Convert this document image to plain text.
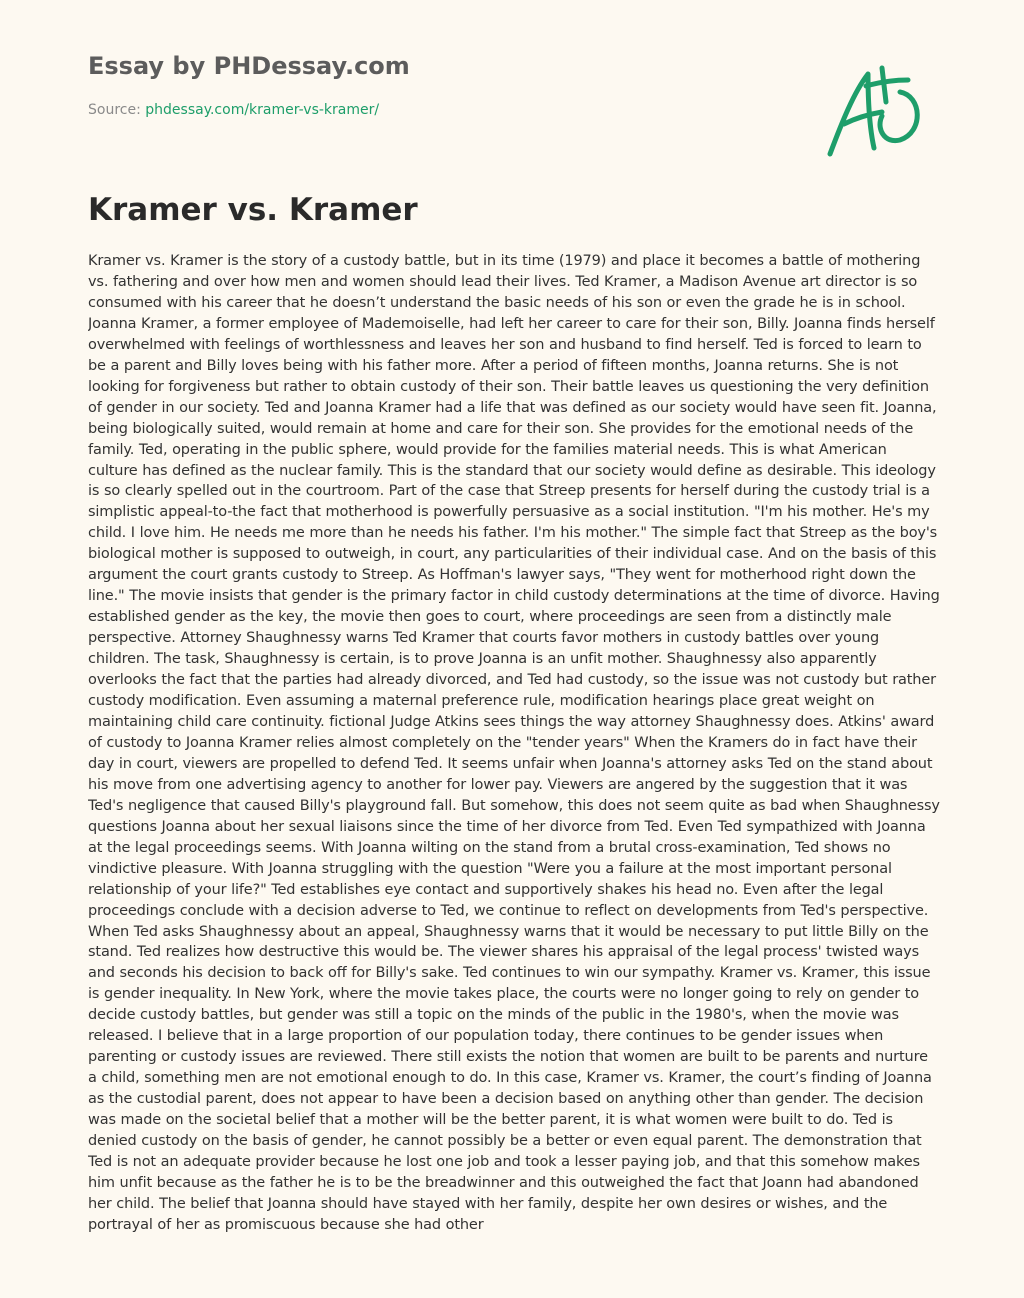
Essay by PHDessay.com
Source: phdessay.com/kramer-vs-kramer/
Kramer vs. Kramer

Kramer vs. Kramer is the story of a custody battle, but in its time (1979) and place it becomes a battle of mothering vs. fathering and over how men and women should lead their lives. Ted Kramer, a Madison Avenue art director is so consumed with his career that he doesn’t understand the basic needs of his son or even the grade he is in school. Joanna Kramer, a former employee of Mademoiselle, had left her career to care for their son, Billy. Joanna finds herself overwhelmed with feelings of worthlessness and leaves her son and husband to find herself. Ted is forced to learn to be a parent and Billy loves being with his father more. After a period of fifteen months, Joanna returns. She is not looking for forgiveness but rather to obtain custody of their son. Their battle leaves us questioning the very definition of gender in our society. Ted and Joanna Kramer had a life that was defined as our society would have seen fit. Joanna, being biologically suited, would remain at home and care for their son. She provides for the emotional needs of the family. Ted, operating in the public sphere, would provide for the families material needs. This is what American culture has defined as the nuclear family. This is the standard that our society would define as desirable. This ideology is so clearly spelled out in the courtroom. Part of the case that Streep presents for herself during the custody trial is a simplistic appeal-to-the fact that motherhood is powerfully persuasive as a social institution. "I'm his mother. He's my child. I love him. He needs me more than he needs his father. I'm his mother." The simple fact that Streep as the boy's biological mother is supposed to outweigh, in court, any particularities of their individual case. And on the basis of this argument the court grants custody to Streep. As Hoffman's lawyer says, "They went for motherhood right down the line." The movie insists that gender is the primary factor in child custody determinations at the time of divorce. Having established gender as the key, the movie then goes to court, where proceedings are seen from a distinctly male perspective. Attorney Shaughnessy warns Ted Kramer that courts favor mothers in custody battles over young children. The task, Shaughnessy is certain, is to prove Joanna is an unfit mother. Shaughnessy also apparently overlooks the fact that the parties had already divorced, and Ted had custody, so the issue was not custody but rather custody modification. Even assuming a maternal preference rule, modification hearings place great weight on maintaining child care continuity. fictional Judge Atkins sees things the way attorney Shaughnessy does. Atkins' award of custody to Joanna Kramer relies almost completely on the "tender years" When the Kramers do in fact have their day in court, viewers are propelled to defend Ted. It seems unfair when Joanna's attorney asks Ted on the stand about his move from one advertising agency to another for lower pay. Viewers are angered by the suggestion that it was Ted's negligence that caused Billy's playground fall. But somehow, this does not seem quite as bad when Shaughnessy questions Joanna about her sexual liaisons since the time of her divorce from Ted. Even Ted sympathized with Joanna at the legal proceedings seems. With Joanna wilting on the stand from a brutal cross-examination, Ted shows no vindictive pleasure. With Joanna struggling with the question "Were you a failure at the most important personal relationship of your life?" Ted establishes eye contact and supportively shakes his head no. Even after the legal proceedings conclude with a decision adverse to Ted, we continue to reflect on developments from Ted's perspective. When Ted asks Shaughnessy about an appeal, Shaughnessy warns that it would be necessary to put little Billy on the stand. Ted realizes how destructive this would be. The viewer shares his appraisal of the legal process' twisted ways and seconds his decision to back off for Billy's sake. Ted continues to win our sympathy. Kramer vs. Kramer, this issue is gender inequality. In New York, where the movie takes place, the courts were no longer going to rely on gender to decide custody battles, but gender was still a topic on the minds of the public in the 1980's, when the movie was released. I believe that in a large proportion of our population today, there continues to be gender issues when parenting or custody issues are reviewed. There still exists the notion that women are built to be parents and nurture a child, something men are not emotional enough to do. In this case, Kramer vs. Kramer, the court’s finding of Joanna as the custodial parent, does not appear to have been a decision based on anything other than gender. The decision was made on the societal belief that a mother will be the better parent, it is what women were built to do. Ted is denied custody on the basis of gender, he cannot possibly be a better or even equal parent. The demonstration that Ted is not an adequate provider because he lost one job and took a lesser paying job, and that this somehow makes him unfit because as the father he is to be the breadwinner and this outweighed the fact that Joann had abandoned her child. The belief that Joanna should have stayed with her family, despite her own desires or wishes, and the portrayal of her as promiscuous because she had other
